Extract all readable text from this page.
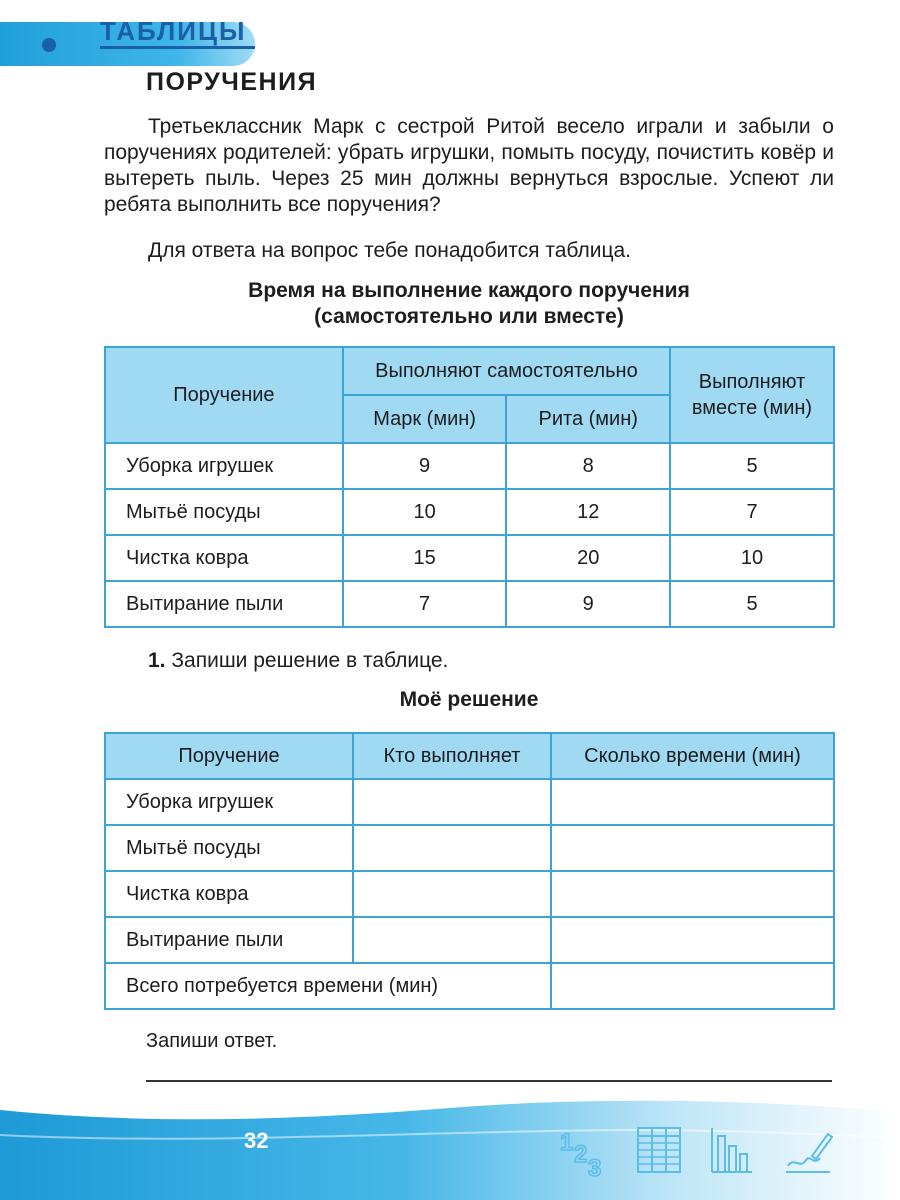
ТАБЛИЦЫ
ПОРУЧЕНИЯ
Третьеклассник Марк с сестрой Ритой весело играли и забыли о поручениях родителей: убрать игрушки, помыть посуду, почистить ковёр и вытереть пыль. Через 25 мин должны вернуться взрослые. Успеют ли ребята выполнить все поручения?
Для ответа на вопрос тебе понадобится таблица.
Время на выполнение каждого поручения
(самостоятельно или вместе)
Поручение	Выполняют самостоятельно		Выполняют вместе (мин)
	Марк (мин)	Рита (мин)	
Уборка игрушек	9	8	5
Мытьё посуды	10	12	7
Чистка ковра	15	20	10
Вытирание пыли	7	9	5
1. Запиши решение в таблице.
Моё решение
Поручение	Кто выполняет	Сколько времени (мин)
Уборка игрушек		
Мытьё посуды		
Чистка ковра		
Вытирание пыли		
Всего потребуется времени (мин)		
Запиши ответ.
32	1 2
3
